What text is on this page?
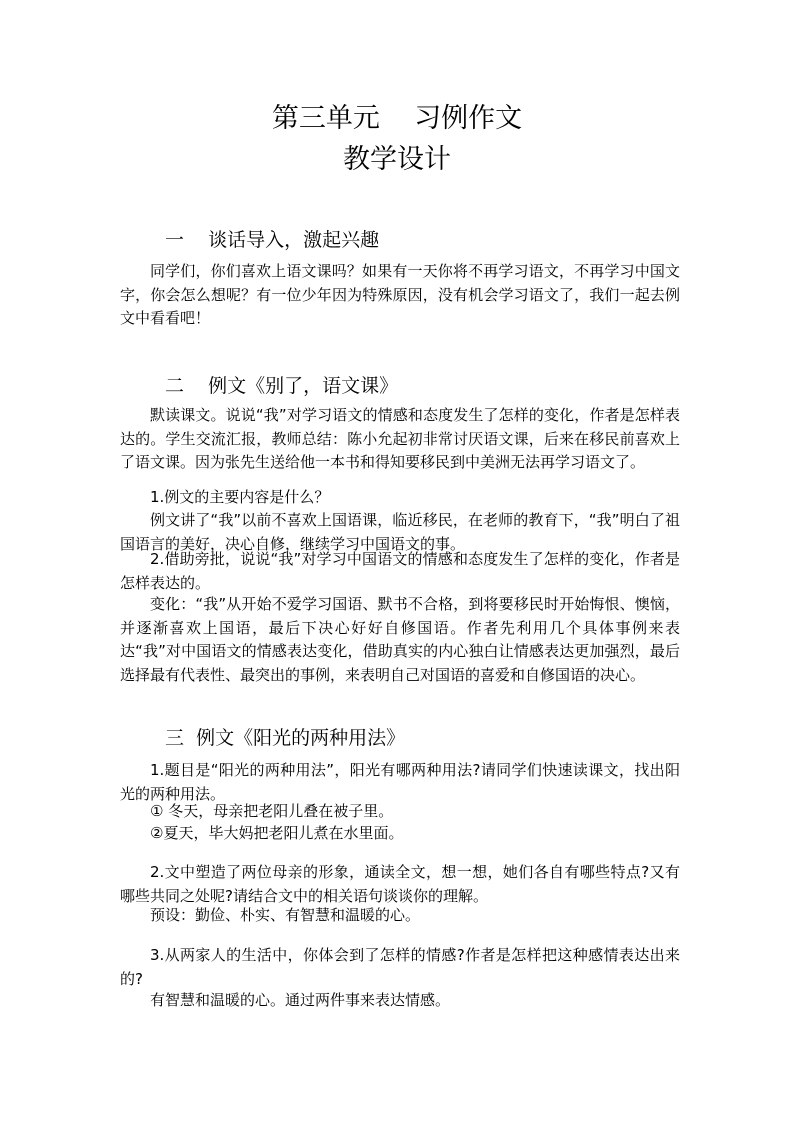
第三单元    习例作文
教学设计
一    谈话导入，激起兴趣

同学们，你们喜欢上语文课吗？如果有一天你将不再学习语文，不再学习中国文字，你会怎么想呢？有一位少年因为特殊原因，没有机会学习语文了，我们一起去例文中看看吧！

二    例文《别了，语文课》

默读课文。说说“我”对学习语文的情感和态度发生了怎样的变化，作者是怎样表达的。学生交流汇报，教师总结：陈小允起初非常讨厌语文课，后来在移民前喜欢上了语文课。因为张先生送给他一本书和得知要移民到中美洲无法再学习语文了。

1.例文的主要内容是什么？

例文讲了“我”以前不喜欢上国语课，临近移民，在老师的教育下，“我”明白了祖国语言的美好，决心自修，继续学习中国语文的事。

2.借助旁批，说说“我”对学习中国语文的情感和态度发生了怎样的变化，作者是怎样表达的。

变化：“我”从开始不爱学习国语、默书不合格，到将要移民时开始悔恨、懊恼，并逐渐喜欢上国语，最后下决心好好自修国语。作者先利用几个具体事例来表达“我”对中国语文的情感表达变化，借助真实的内心独白让情感表达更加强烈，最后选择最有代表性、最突出的事例，来表明自己对国语的喜爱和自修国语的决心。

三  例文《阳光的两种用法》

1.题目是“阳光的两种用法”，阳光有哪两种用法?请同学们快速读课文，找出阳光的两种用法。

① 冬天，母亲把老阳儿叠在被子里。

②夏天，毕大妈把老阳儿煮在水里面。

2.文中塑造了两位母亲的形象，通读全文，想一想，她们各自有哪些特点?又有哪些共同之处呢?请结合文中的相关语句谈谈你的理解。

预设：勤俭、朴实、有智慧和温暖的心。

3.从两家人的生活中，你体会到了怎样的情感?作者是怎样把这种感情表达出来的?

有智慧和温暖的心。通过两件事来表达情感。
